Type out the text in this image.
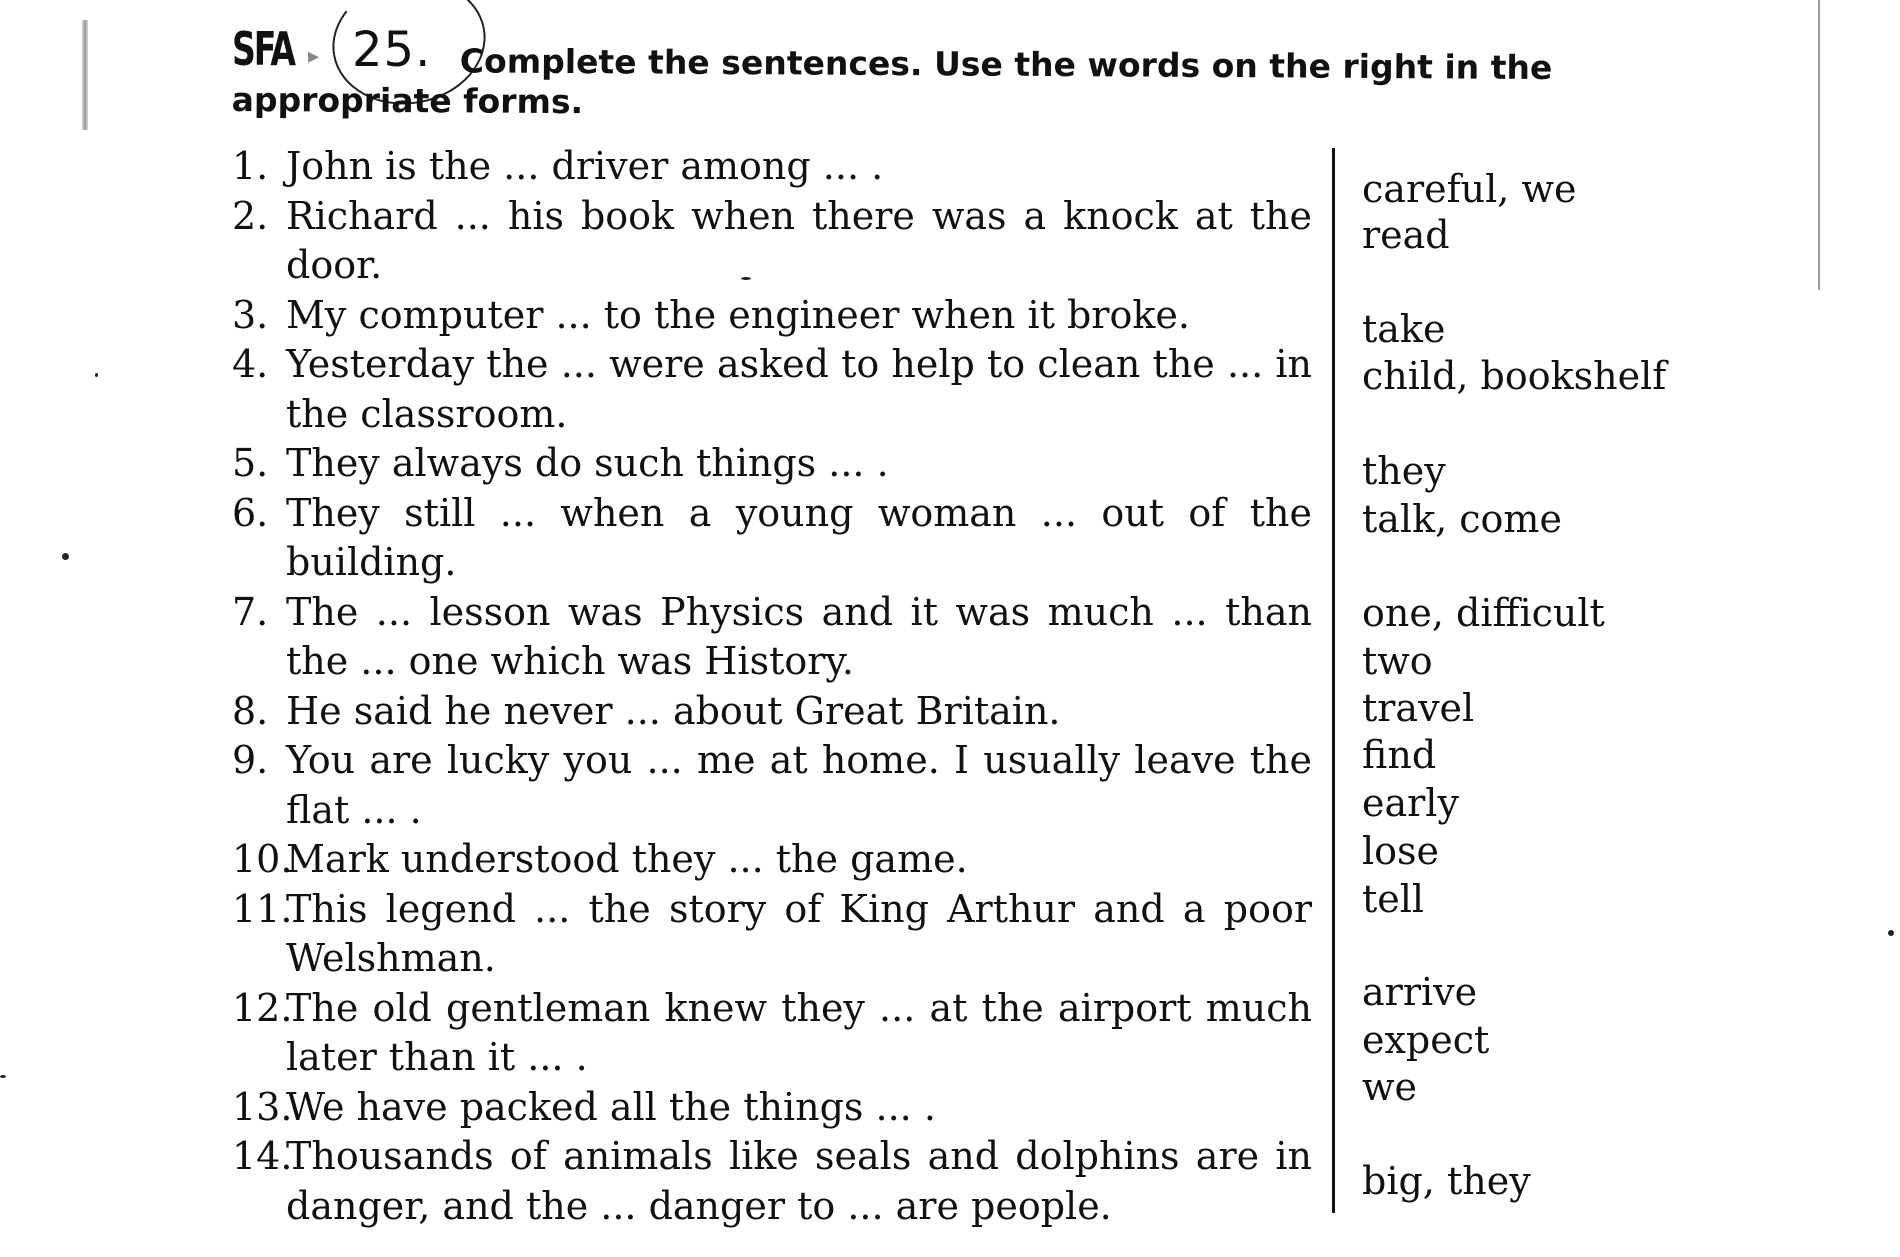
SFA ▸ 25. Complete the sentences. Use the words on the right in the appropriate forms.
1. John is the ... driver among ... .
2. Richard ... his book when there was a knock at the door.
3. My computer ... to the engineer when it broke.
4. Yesterday the ... were asked to help to clean the ... in the classroom.
5. They always do such things ... .
6. They still ... when a young woman ... out of the building.
7. The ... lesson was Physics and it was much ... than the ... one which was History.
8. He said he never ... about Great Britain.
9. You are lucky you ... me at home. I usually leave the flat ... .
10.
Mark understood they ... the game.
11.
This legend ... the story of King Arthur and a poor Welshman.
12.
The old gentleman knew they ... at the airport much later than it ... .
13.
We have packed all the things ... .
14.
Thousands of animals like seals and dolphins are in danger, and the ... danger to ... are people.
careful, we
read
take
child, bookshelf
they
talk, come
one, difficult
two
travel
find
early
lose
tell
arrive
expect
we
big, they
